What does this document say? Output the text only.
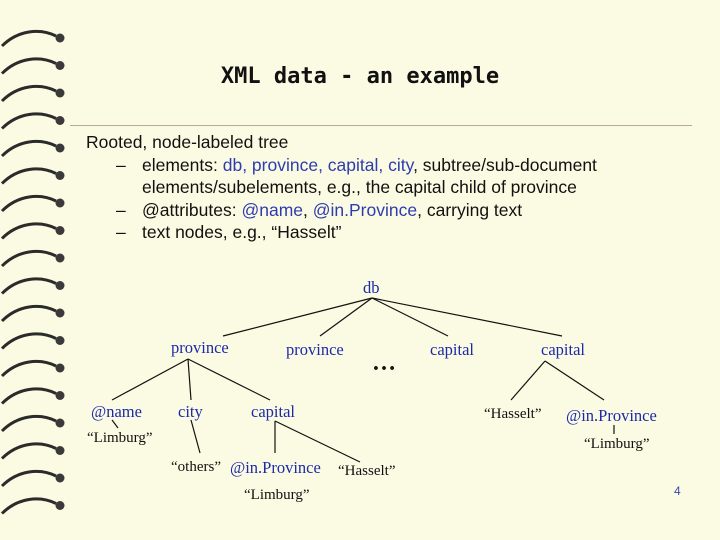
XML data - an example
Rooted, node-labeled tree
– elements: db, province, capital, city, subtree/sub-document
elements/subelements, e.g., the capital child of province
– @attributes: @name, @in.Province, carrying text
– text nodes, e.g., “Hasselt”
db
province	province
…
capital	capital
@name city	capital	“Hasselt” @in.Province
“Limburg”	“Limburg”
“others” @in.Province “Hasselt”
“Limburg”	4
